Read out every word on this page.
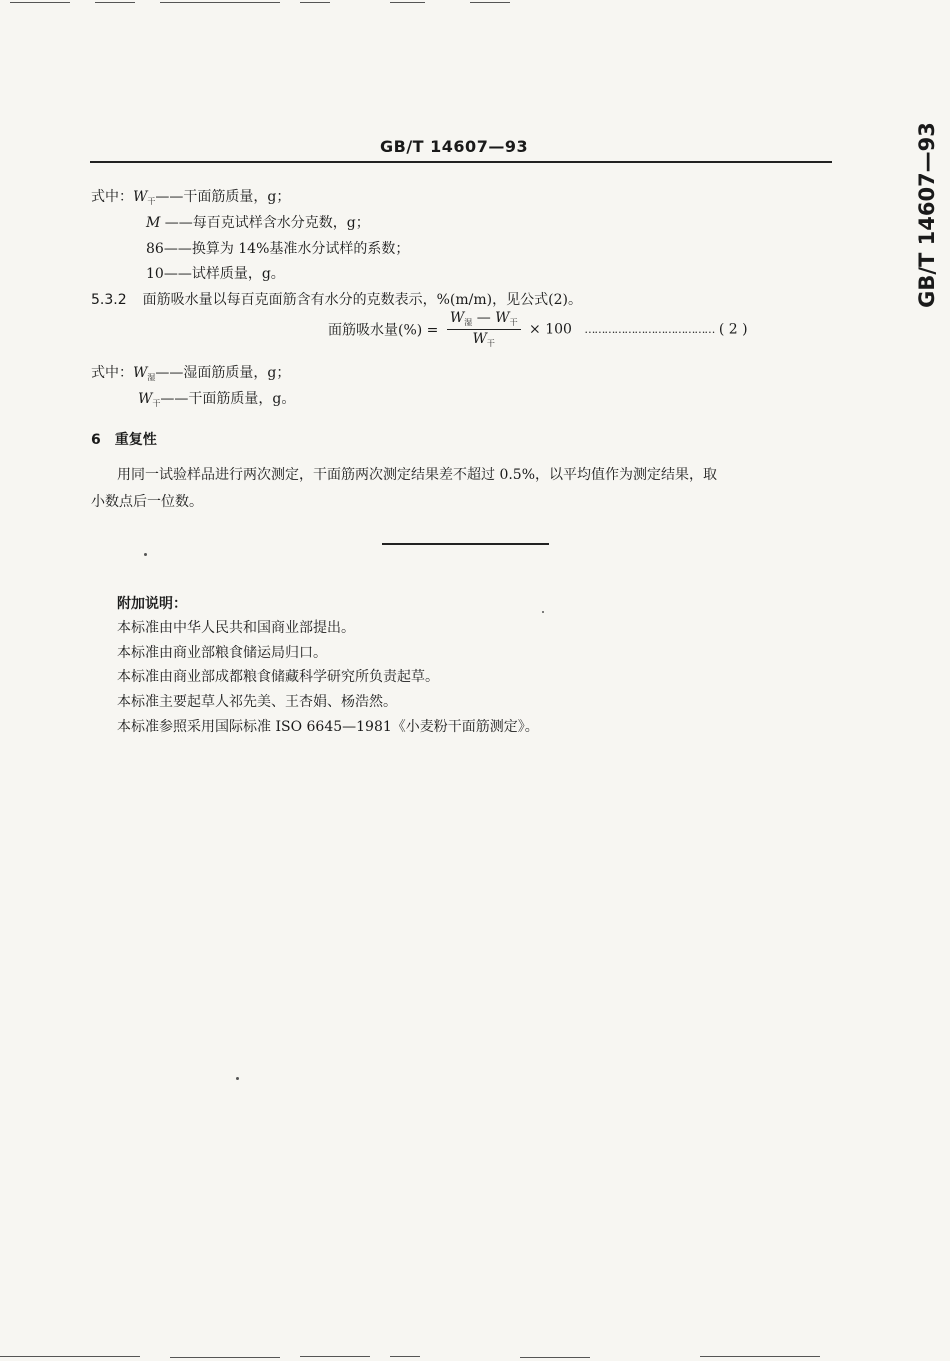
GB/T 14607—93	GB/T 14607—93
式中：$W_干——$干面筋质量，g；
M ——每百克试样含水分克数，g；
86——换算为 14%基准水分试样的系数；
10——试样质量，g。
5.3.2 面筋吸水量以每百克面筋含有水分的克数表示，%(m/m)，见公式(2)。
面筋吸水量(%) = $\frac{W_湿 — W_干}{W_干} \times 100$ ………………………………… ( 2 )
式中：$W_湿——$湿面筋质量，g；
$W_干——$干面筋质量，g。
6 重复性
用同一试验样品进行两次测定，干面筋两次测定结果差不超过 0.5%，以平均值作为测定结果，取
小数点后一位数。
附加说明：
本标准由中华人民共和国商业部提出。
本标准由商业部粮食储运局归口。
本标准由商业部成都粮食储藏科学研究所负责起草。
本标准主要起草人祁先美、王杏娟、杨浩然。
本标准参照采用国际标准 ISO 6645—1981《小麦粉干面筋测定》。
